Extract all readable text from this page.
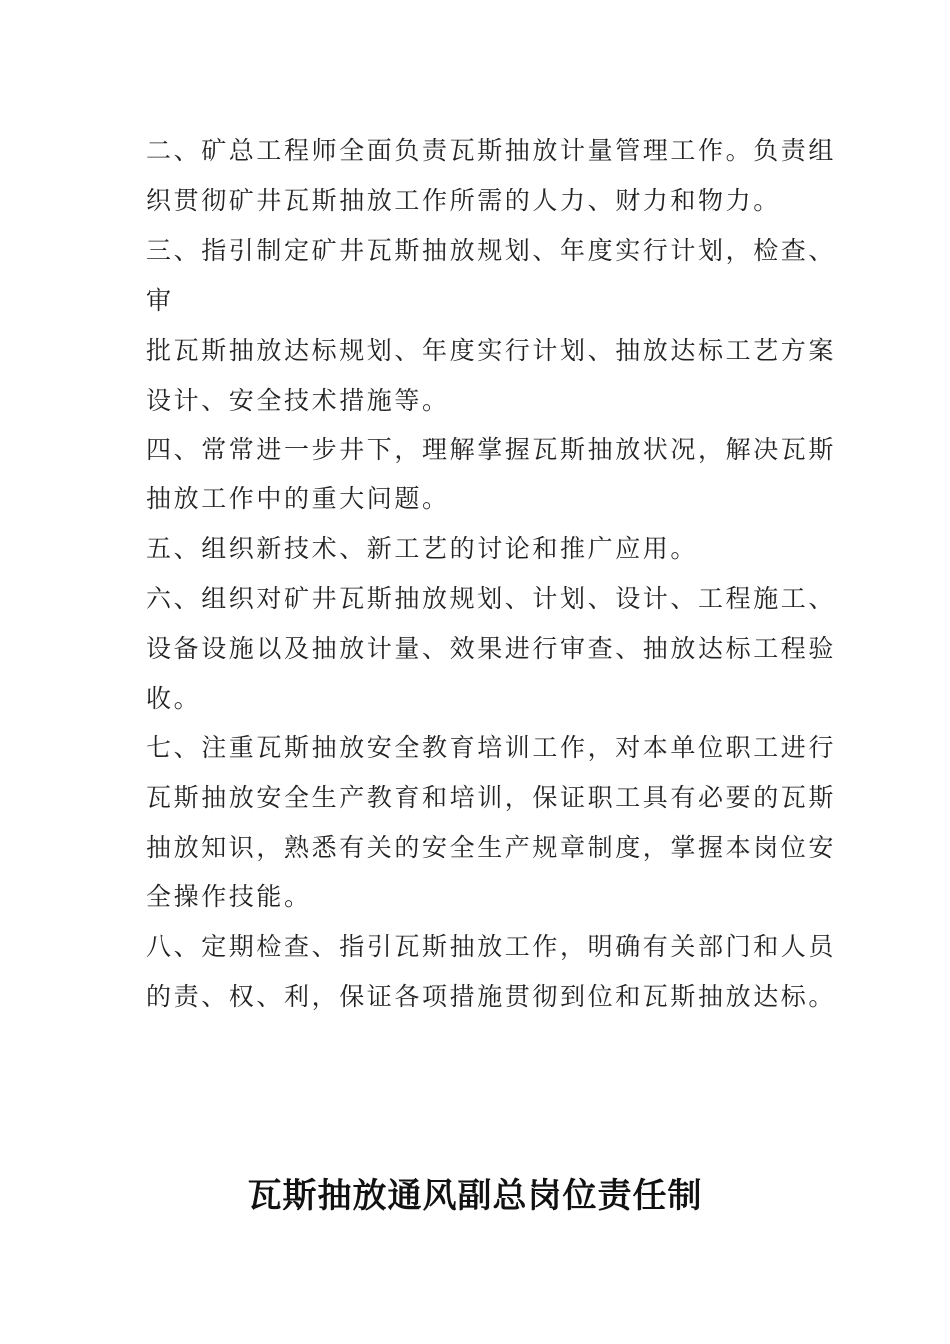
二、矿总工程师全面负责瓦斯抽放计量管理工作。负责组
织贯彻矿井瓦斯抽放工作所需的人力、财力和物力。
三、指引制定矿井瓦斯抽放规划、年度实行计划，检查、
审
批瓦斯抽放达标规划、年度实行计划、抽放达标工艺方案
设计、安全技术措施等。
四、常常进一步井下，理解掌握瓦斯抽放状况，解决瓦斯
抽放工作中的重大问题。
五、组织新技术、新工艺的讨论和推广应用。
六、组织对矿井瓦斯抽放规划、计划、设计、工程施工、
设备设施以及抽放计量、效果进行审查、抽放达标工程验
收。
七、注重瓦斯抽放安全教育培训工作，对本单位职工进行
瓦斯抽放安全生产教育和培训，保证职工具有必要的瓦斯
抽放知识，熟悉有关的安全生产规章制度，掌握本岗位安
全操作技能。
八、定期检查、指引瓦斯抽放工作，明确有关部门和人员
的责、权、利，保证各项措施贯彻到位和瓦斯抽放达标。
瓦斯抽放通风副总岗位责任制
